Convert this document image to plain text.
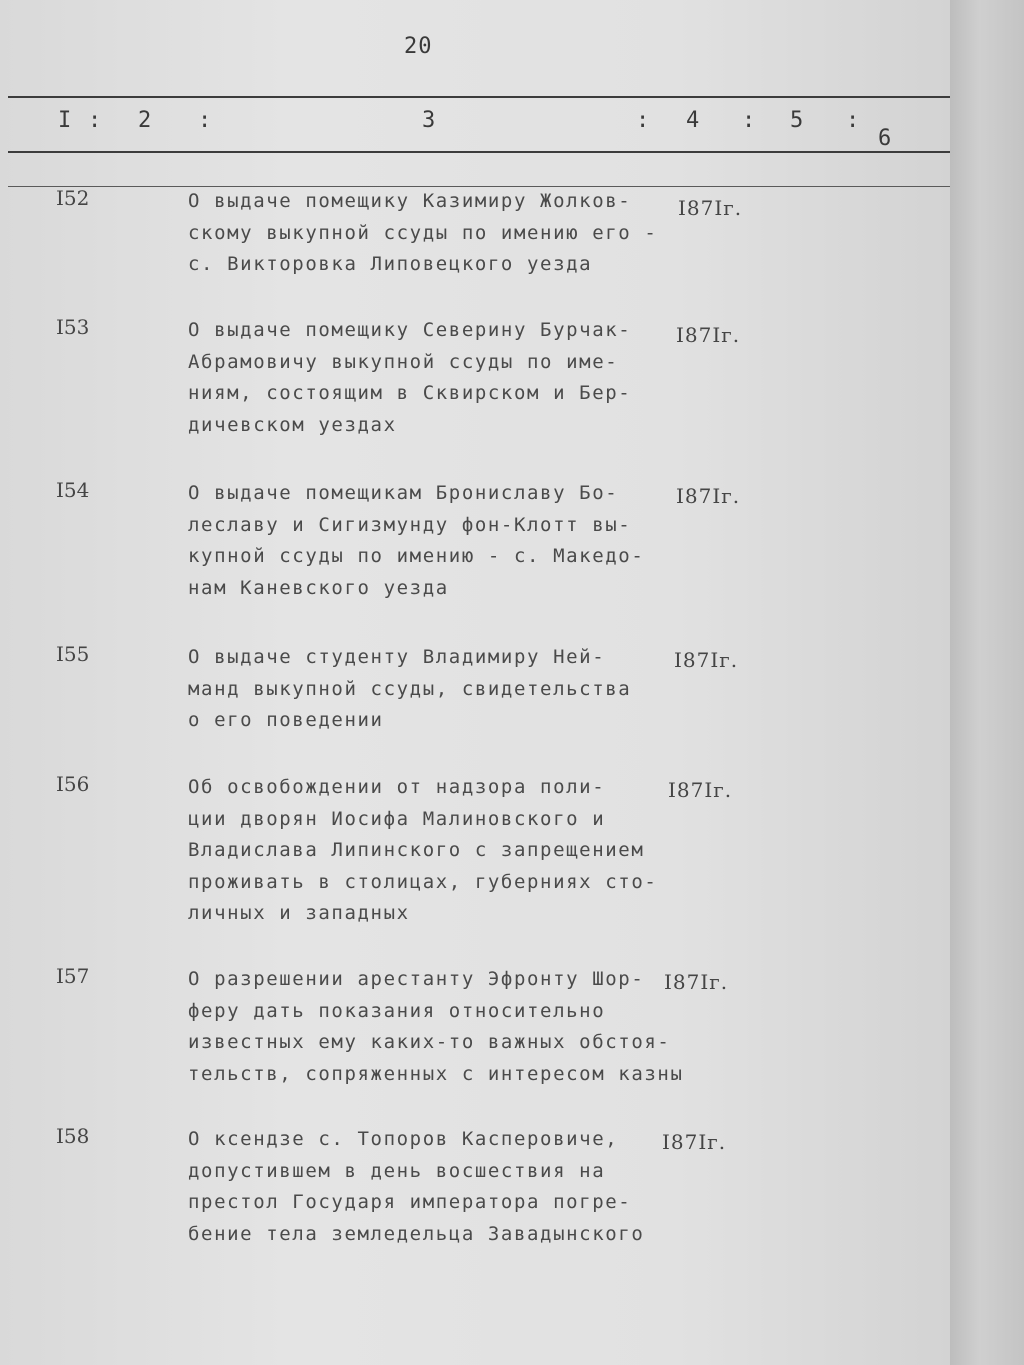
20
I : 2 :	3	: 4 : 5 :
6
I52	О выдаче помещику Казимиру Жолков-
скому выкупной ссуды по имению его -
с. Викторовка Липовецкого уезда
I87Iг.
I53	О выдаче помещику Северину Бурчак-
Абрамовичу выкупной ссуды по име-
ниям, состоящим в Сквирском и Бер-
дичевском уездах
I87Iг.
I54	О выдаче помещикам Брониславу Бо-
леславу и Сигизмунду фон-Клотт вы-
купной ссуды по имению - с. Македо-
нам Каневского уезда
I87Iг.
I55	О выдаче студенту Владимиру Ней-
манд выкупной ссуды, свидетельства
о его поведении
I87Iг.
I56	Об освобождении от надзора поли-
ции дворян Иосифа Малиновского и
Владислава Липинского с запрещением
проживать в столицах, губерниях сто-
личных и западных
I87Iг.
I57	О разрешении арестанту Эфронту Шор-
феру дать показания относительно
известных ему каких-то важных обстоя-
тельств, сопряженных с интересом казны
I87Iг.
I58	О ксендзе с. Топоров Касперовиче,
допустившем в день восшествия на
престол Государя императора погре-
бение тела земледельца Завадынского
I87Iг.
